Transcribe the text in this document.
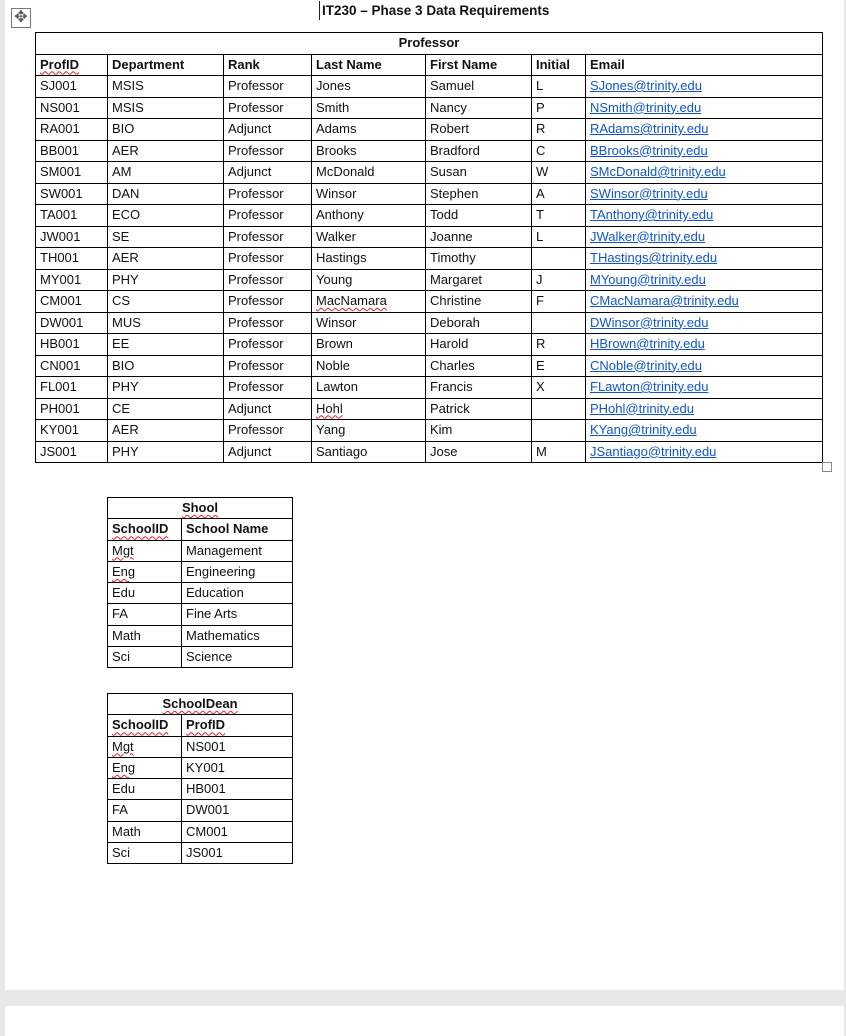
✥	IT230 – Phase 3 Data Requirements
Professor						
ProfID	Department	Rank	Last Name	First Name	Initial	Email
SJ001	MSIS	Professor	Jones	Samuel	L	SJones@trinity.edu
NS001	MSIS	Professor	Smith	Nancy	P	NSmith@trinity.edu
RA001	BIO	Adjunct	Adams	Robert	R	RAdams@trinity.edu
BB001	AER	Professor	Brooks	Bradford	C	BBrooks@trinity.edu
SM001	AM	Adjunct	McDonald	Susan	W	SMcDonald@trinity.edu
SW001	DAN	Professor	Winsor	Stephen	A	SWinsor@trinity.edu
TA001	ECO	Professor	Anthony	Todd	T	TAnthony@trinity.edu
JW001	SE	Professor	Walker	Joanne	L	JWalker@trinity.edu
TH001	AER	Professor	Hastings	Timothy		THastings@trinity.edu
MY001	PHY	Professor	Young	Margaret	J	MYoung@trinity.edu
CM001	CS	Professor	MacNamara	Christine	F	CMacNamara@trinity.edu
DW001	MUS	Professor	Winsor	Deborah		DWinsor@trinity.edu
HB001	EE	Professor	Brown	Harold	R	HBrown@trinity.edu
CN001	BIO	Professor	Noble	Charles	E	CNoble@trinity.edu
FL001	PHY	Professor	Lawton	Francis	X	FLawton@trinity.edu
PH001	CE	Adjunct	Hohl	Patrick		PHohl@trinity.edu
KY001	AER	Professor	Yang	Kim		KYang@trinity.edu
JS001	PHY	Adjunct	Santiago	Jose	M	JSantiago@trinity.edu
Shool	
SchoolID	School Name
Mgt	Management
Eng	Engineering
Edu	Education
FA	Fine Arts
Math	Mathematics
Sci	Science
SchoolDean	
SchoolID	ProfID
Mgt	NS001
Eng	KY001
Edu	HB001
FA	DW001
Math	CM001
Sci	JS001
